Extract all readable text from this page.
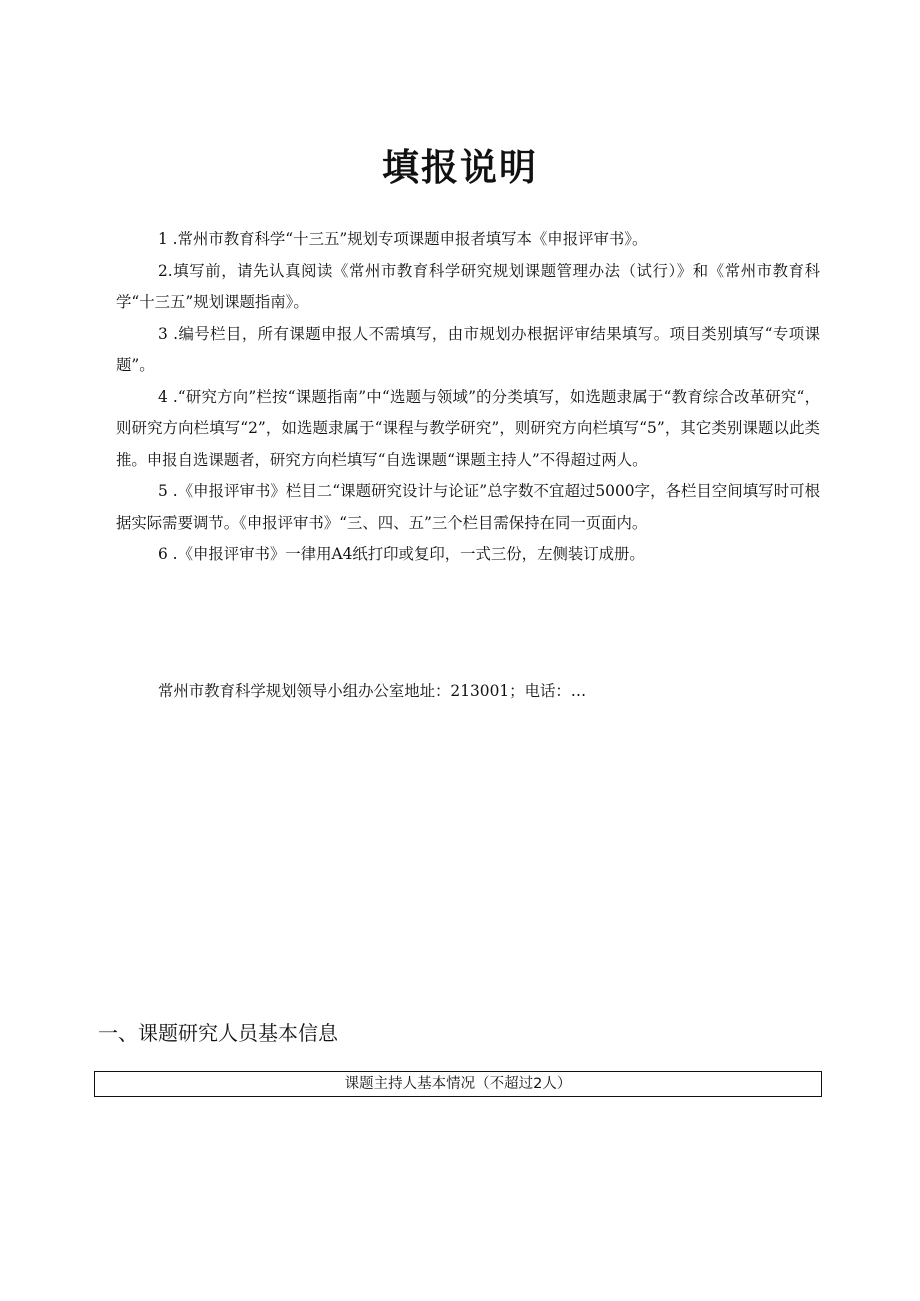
填报说明

1 .常州市教育科学“十三五”规划专项课题申报者填写本《申报评审书》。

2.填写前，请先认真阅读《常州市教育科学研究规划课题管理办法（试行）》和《常州市教育科学“十三五”规划课题指南》。

3 .编号栏目，所有课题申报人不需填写，由市规划办根据评审结果填写。项目类别填写“专项课题”。

4 .“研究方向”栏按“课题指南”中“选题与领域”的分类填写，如选题隶属于“教育综合改革研究“，则研究方向栏填写“2”，如选题隶属于“课程与教学研究”，则研究方向栏填写“5”，其它类别课题以此类推。申报自选课题者，研究方向栏填写“自选课题“课题主持人”不得超过两人。

5 .《申报评审书》栏目二“课题研究设计与论证”总字数不宜超过5000字，各栏目空间填写时可根据实际需要调节。《申报评审书》“三、四、五”三个栏目需保持在同一页面内。

6 .《申报评审书》一律用A4纸打印或复印，一式三份，左侧装订成册。

常州市教育科学规划领导小组办公室地址：213001；电话：…
一、课题研究人员基本信息
课题主持人基本情况（不超过2人）
